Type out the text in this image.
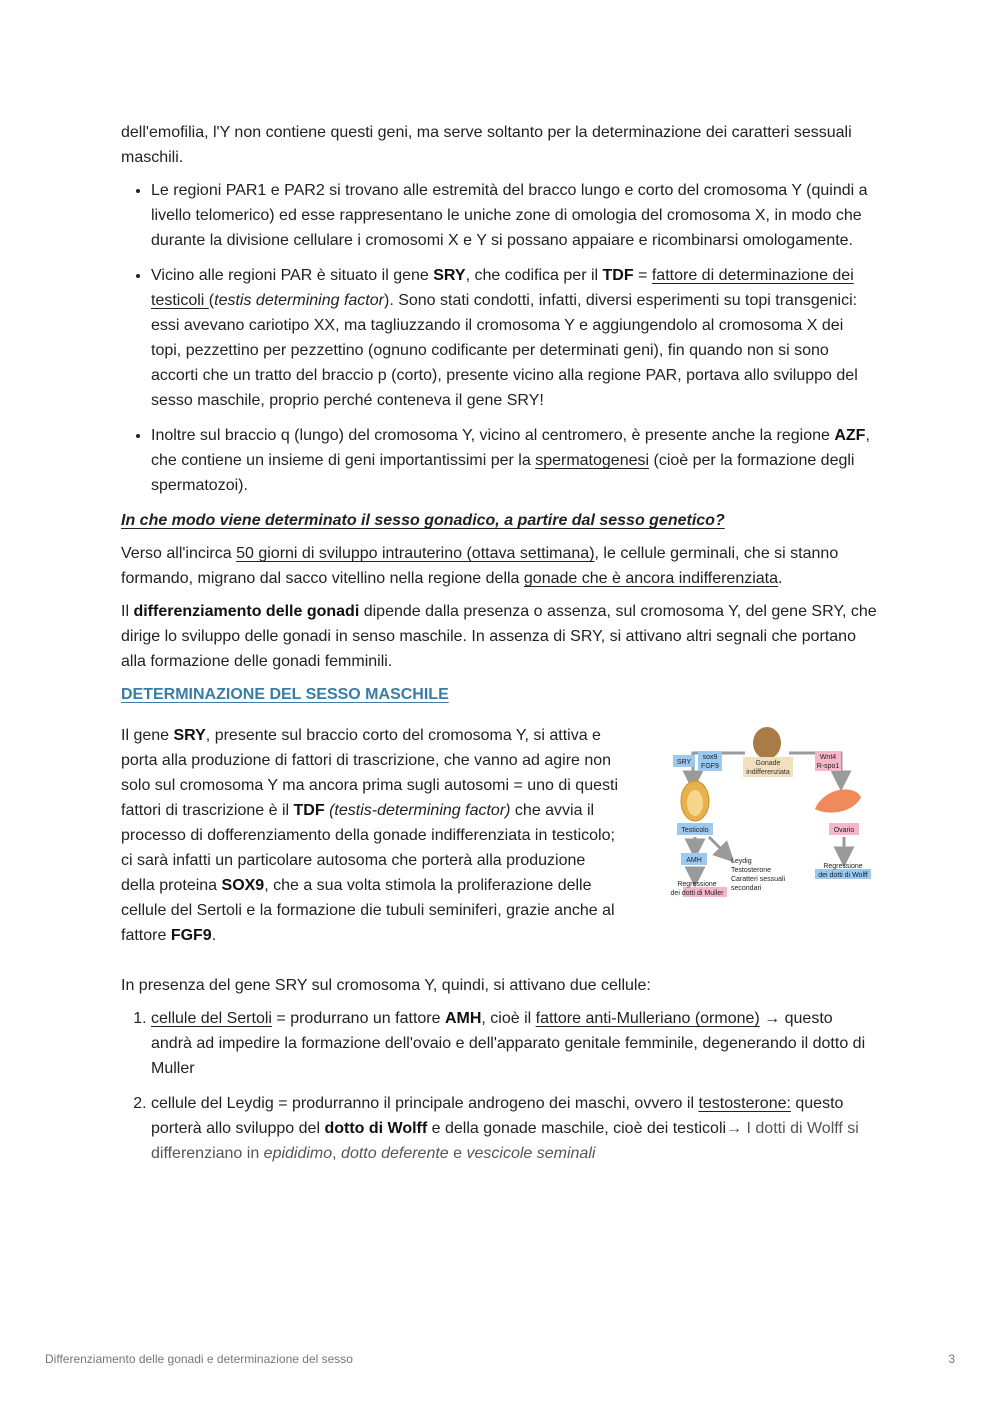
dell'emofilia, l'Y non contiene questi geni, ma serve soltanto per la determinazione dei caratteri sessuali maschili.

• Le regioni PAR1 e PAR2 si trovano alle estremità del bracco lungo e corto del cromosoma Y (quindi a livello telomerico) ed esse rappresentano le uniche zone di omologia del cromosoma X, in modo che durante la divisione cellulare i cromosomi X e Y si possano appaiare e ricombinarsi omologamente.
• Vicino alle regioni PAR è situato il gene SRY, che codifica per il TDF = fattore di determinazione dei testicoli (testis determining factor). Sono stati condotti, infatti, diversi esperimenti su topi transgenici: essi avevano cariotipo XX, ma tagliuzzando il cromosoma Y e aggiungendolo al cromosoma X dei topi, pezzettino per pezzettino (ognuno codificante per determinati geni), fin quando non si sono accorti che un tratto del braccio p (corto), presente vicino alla regione PAR, portava allo sviluppo del sesso maschile, proprio perché conteneva il gene SRY!
• Inoltre sul braccio q (lungo) del cromosoma Y, vicino al centromero, è presente anche la regione AZF, che contiene un insieme di geni importantissimi per la spermatogenesi (cioè per la formazione degli spermatozoi).

In che modo viene determinato il sesso gonadico, a partire dal sesso genetico?

Verso all'incirca 50 giorni di sviluppo intrauterino (ottava settimana), le cellule germinali, che si stanno formando, migrano dal sacco vitellino nella regione della gonade che è ancora indifferenziata.

Il differenziamento delle gonadi dipende dalla presenza o assenza, sul cromosoma Y, del gene SRY, che dirige lo sviluppo delle gonadi in senso maschile. In assenza di SRY, si attivano altri segnali che portano alla formazione delle gonadi femminili.

DETERMINAZIONE DEL SESSO MASCHILE

Il gene SRY, presente sul braccio corto del cromosoma Y, si attiva e porta alla produzione di fattori di trascrizione, che vanno ad agire non solo sul cromosoma Y ma ancora prima sugli autosomi = uno di questi fattori di trascrizione è il TDF (testis-determining factor) che avvia il processo di dofferenziamento della gonade indifferenziata in testicolo; ci sarà infatti un particolare autosoma che porterà alla produzione della proteina SOX9, che a sua volta stimola la proliferazione delle cellule del Sertoli e la formazione die tubuli seminiferi, grazie anche al fattore FGF9.

Gonade
indifferenziata
SRY
sox9
FGF9
Wnt4
R-spo1
Testicolo	Ovario
AMH
Regressione
dei dotti di Muller
Leydig
Testosterone
Caratteri sessuali
secondari
Regressione
dei dotti di Wolff

In presenza del gene SRY sul cromosoma Y, quindi, si attivano due cellule:

1. cellule del Sertoli = produrrano un fattore AMH, cioè il fattore anti-Mulleriano (ormone) → questo andrà ad impedire la formazione dell'ovaio e dell'apparato genitale femminile, degenerando il dotto di Muller
2. cellule del Leydig = produrranno il principale androgeno dei maschi, ovvero il testosterone: questo porterà allo sviluppo del dotto di Wolff e della gonade maschile, cioè dei testicoli→ I dotti di Wolff si differenziano in epididimo, dotto deferente e vescicole seminali
Differenziamento delle gonadi e determinazione del sesso	3
